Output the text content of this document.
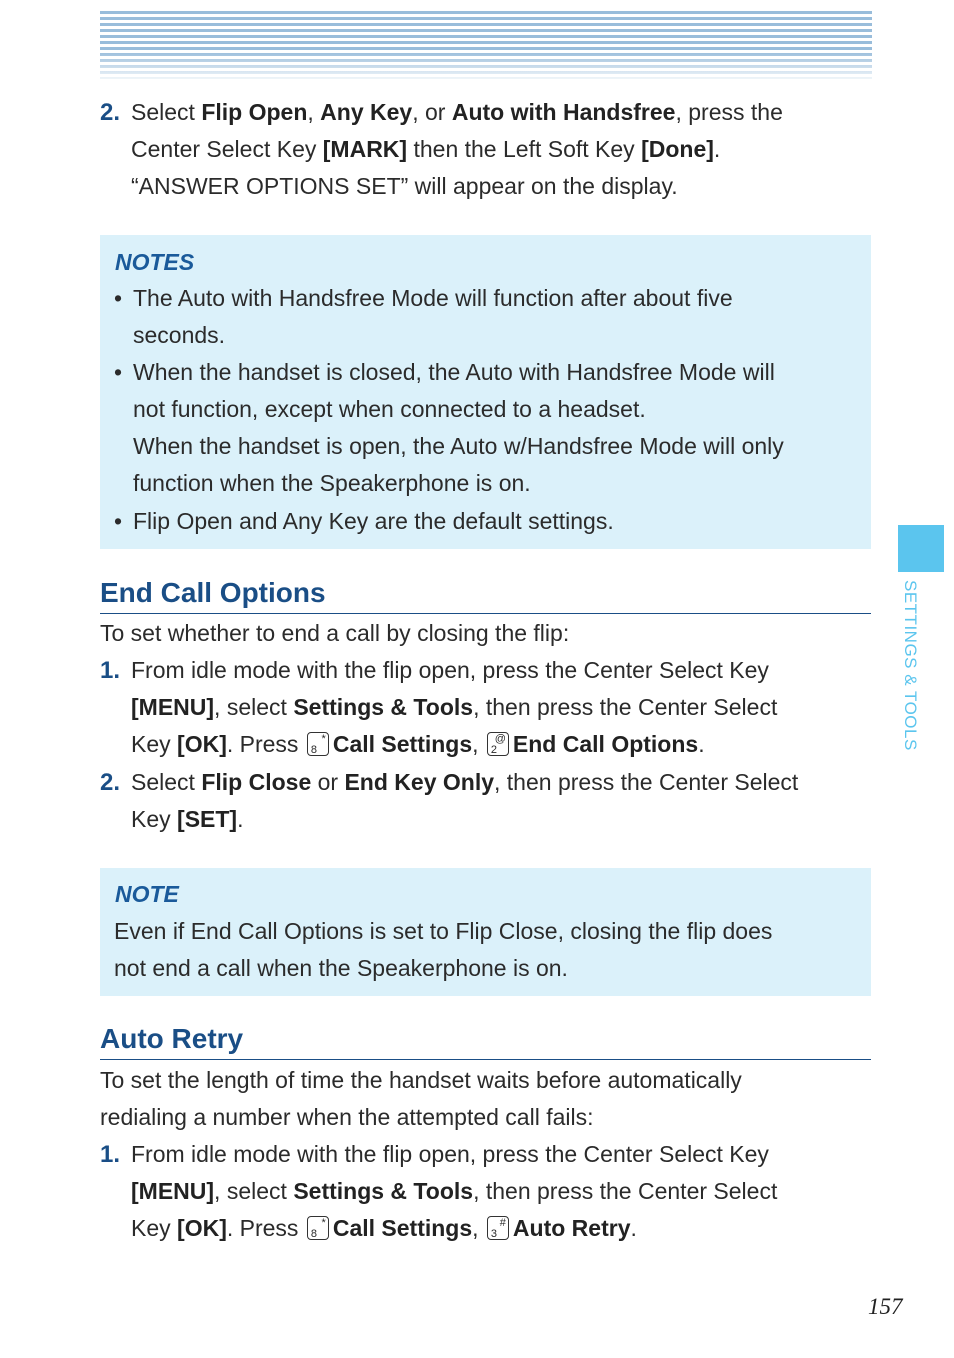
2. Select Flip Open, Any Key, or Auto with Handsfree, press the
Center Select Key [MARK] then the Left Soft Key [Done].
“ANSWER OPTIONS SET” will appear on the display.
NOTES
• The Auto with Handsfree Mode will function after about five
seconds.
• When the handset is closed, the Auto with Handsfree Mode will
not function, except when connected to a headset.
When the handset is open, the Auto w/Handsfree Mode will only
function when the Speakerphone is on.
• Flip Open and Any Key are the default settings.
End Call Options
To set whether to end a call by closing the flip:
1. From idle mode with the flip open, press the Center Select Key
[MENU], select Settings & Tools, then press the Center Select
Key [OK]. Press 8
* Call Settings, 2
@ End Call Options.
2. Select Flip Close or End Key Only, then press the Center Select
Key [SET].
NOTE
Even if End Call Options is set to Flip Close, closing the flip does
not end a call when the Speakerphone is on.
Auto Retry
To set the length of time the handset waits before automatically
redialing a number when the attempted call fails:
1. From idle mode with the flip open, press the Center Select Key
[MENU], select Settings & Tools, then press the Center Select
Key [OK]. Press 8
* Call Settings, 3
# Auto Retry.
SETTINGS & TOOLS
157
